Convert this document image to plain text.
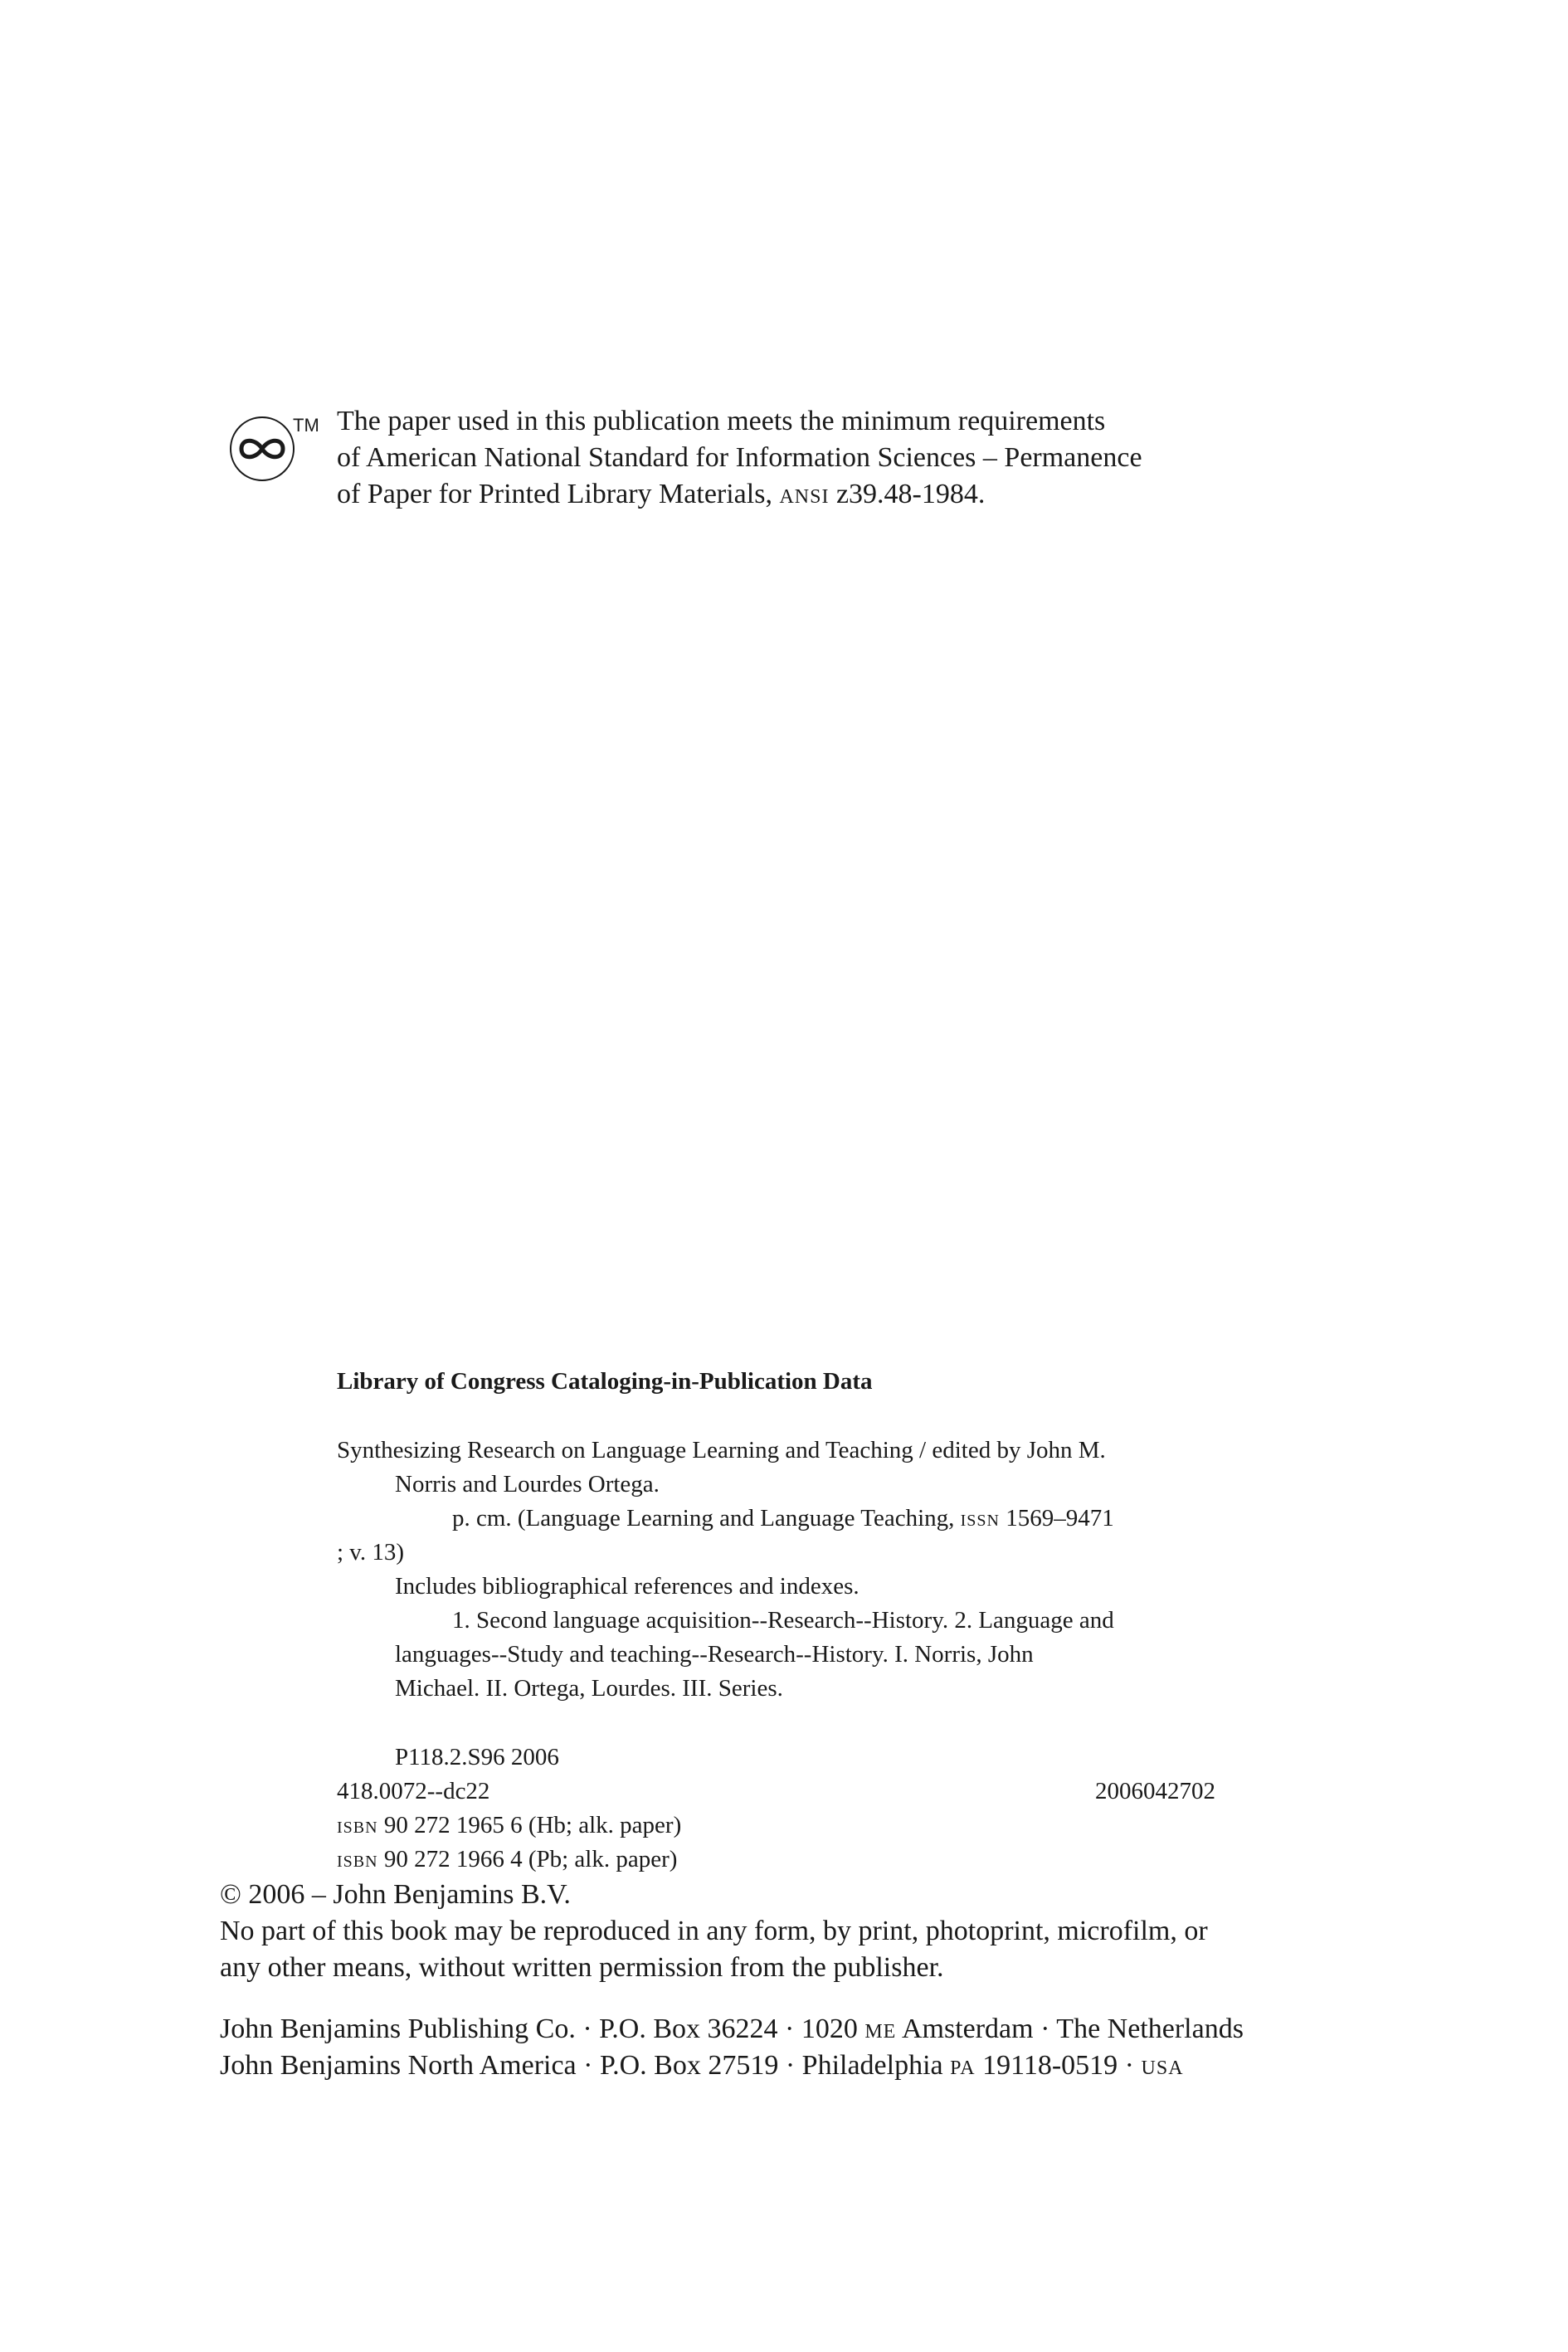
TM The paper used in this publication meets the minimum requirements
of American National Standard for Information Sciences – Permanence
of Paper for Printed Library Materials, ansi z39.48-1984.
Library of Congress Cataloging-in-Publication Data
Synthesizing Research on Language Learning and Teaching / edited by John M.
Norris and Lourdes Ortega.
p. cm. (Language Learning and Language Teaching, issn 1569–9471
; v. 13)
Includes bibliographical references and indexes.
1. Second language acquisition--Research--History. 2. Language and
languages--Study and teaching--Research--History. I. Norris, John
Michael. II. Ortega, Lourdes. III. Series.
P118.2.S96 2006
418.0072--dc22	2006042702
isbn 90 272 1965 6 (Hb; alk. paper)
isbn 90 272 1966 4 (Pb; alk. paper)
© 2006 – John Benjamins B.V.
No part of this book may be reproduced in any form, by print, photoprint, microfilm, or
any other means, without written permission from the publisher.
John Benjamins Publishing Co. · P.O. Box 36224 · 1020 me Amsterdam · The Netherlands
John Benjamins North America · P.O. Box 27519 · Philadelphia pa 19118-0519 · usa
